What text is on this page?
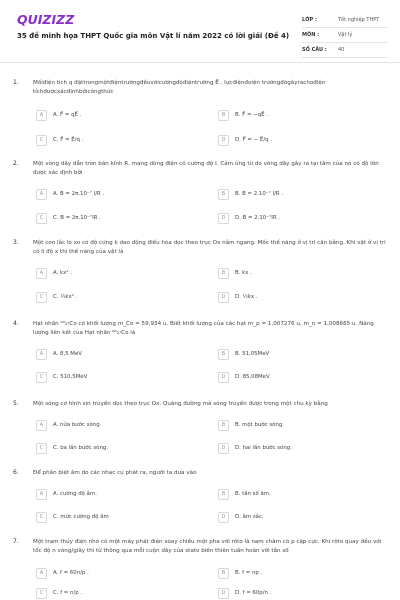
QUIZIZZ
35 đề minh họa THPT Quốc gia môn Vật lí năm 2022 có lời giải (Đề 4)
LỚP :	Tốt nghiệp THPT
MÔN :	Vật lý
SỐ CÂU : 40
1.	Mốiđiện tích q đặttrongmộtđiệntrườngđềuvớicườngđộđiệntrường E⃗ , lựcđiệnđoiện trườngđógâyrachođiện tíchđượcxácđịnhbởicôngthức
A	A. F⃗ = qE⃗ .	B	B. F⃗ = −qE⃗ .
C	C. F⃗ = E⃗/q .	D	D. F⃗ = − E⃗/q .
2.	Một vòng dây dẫn tròn bán kính R, mang dòng điện có cường độ I. Cảm ứng từ do vòng dây gây ra tại tâm của nó có độ lớn được xác định bởi
A	A. B = 2π.10⁻⁷ I/R .	B	B. B = 2.10⁻⁷ I/R .
C	C. B = 2π.10⁻⁷IR .	D	D. B = 2.10⁻⁷IR .
3.	Một con lắc lò xo có độ cứng k dao động điều hòa dọc theo trục Ox nằm ngang. Mốc thế năng ở vị trí cân bằng. Khi vật ở vị trí có li độ x thì thế năng của vật là
A	A. kx² .	B	B. kx .
C	C. ½kx² .	D	D. ½kx .
4.	Hạt nhân ⁶⁰₂₇Co có khối lượng m_Co = 59,934 u. Biết khối lượng của các hạt m_p = 1,007276 u, m_n = 1,008665 u. Năng lượng liên kết của Hạt nhân ⁶⁰₂₇Co là
A	A. 8,5 MeV	B	B. 51,05MeV
C	C. 510,5MeV	D	D. 85,08MeV
5.	Một sóng cơ hình sin truyền dọc theo trục Ox. Quãng đường mà sóng truyền được trong một chu kỳ bằng
A	A. nửa bước sóng.	B	B. một bước sóng.
C	C. ba lần bước sóng.	D	D. hai lần bước sóng.
6.	Để phân biệt âm do các nhạc cụ phát ra, người ta dựa vào
A	A. cường độ âm.	B	B. tần số âm.
C	C. mức cường độ âm	D	D. âm sắc.
7.	Một trạm thủy điện nhỏ có một máy phát điện xoay chiều một pha với rôto là nam châm có p cặp cực. Khi rôto quay đều với tốc độ n vòng/giây thì từ thông qua mỗi cuộn dây của stato biến thiên tuần hoàn với tần số
A	A. f = 60n/p .	B	B. f = np .
C	C. f = n/p .	D	D. f = 60p/n .
